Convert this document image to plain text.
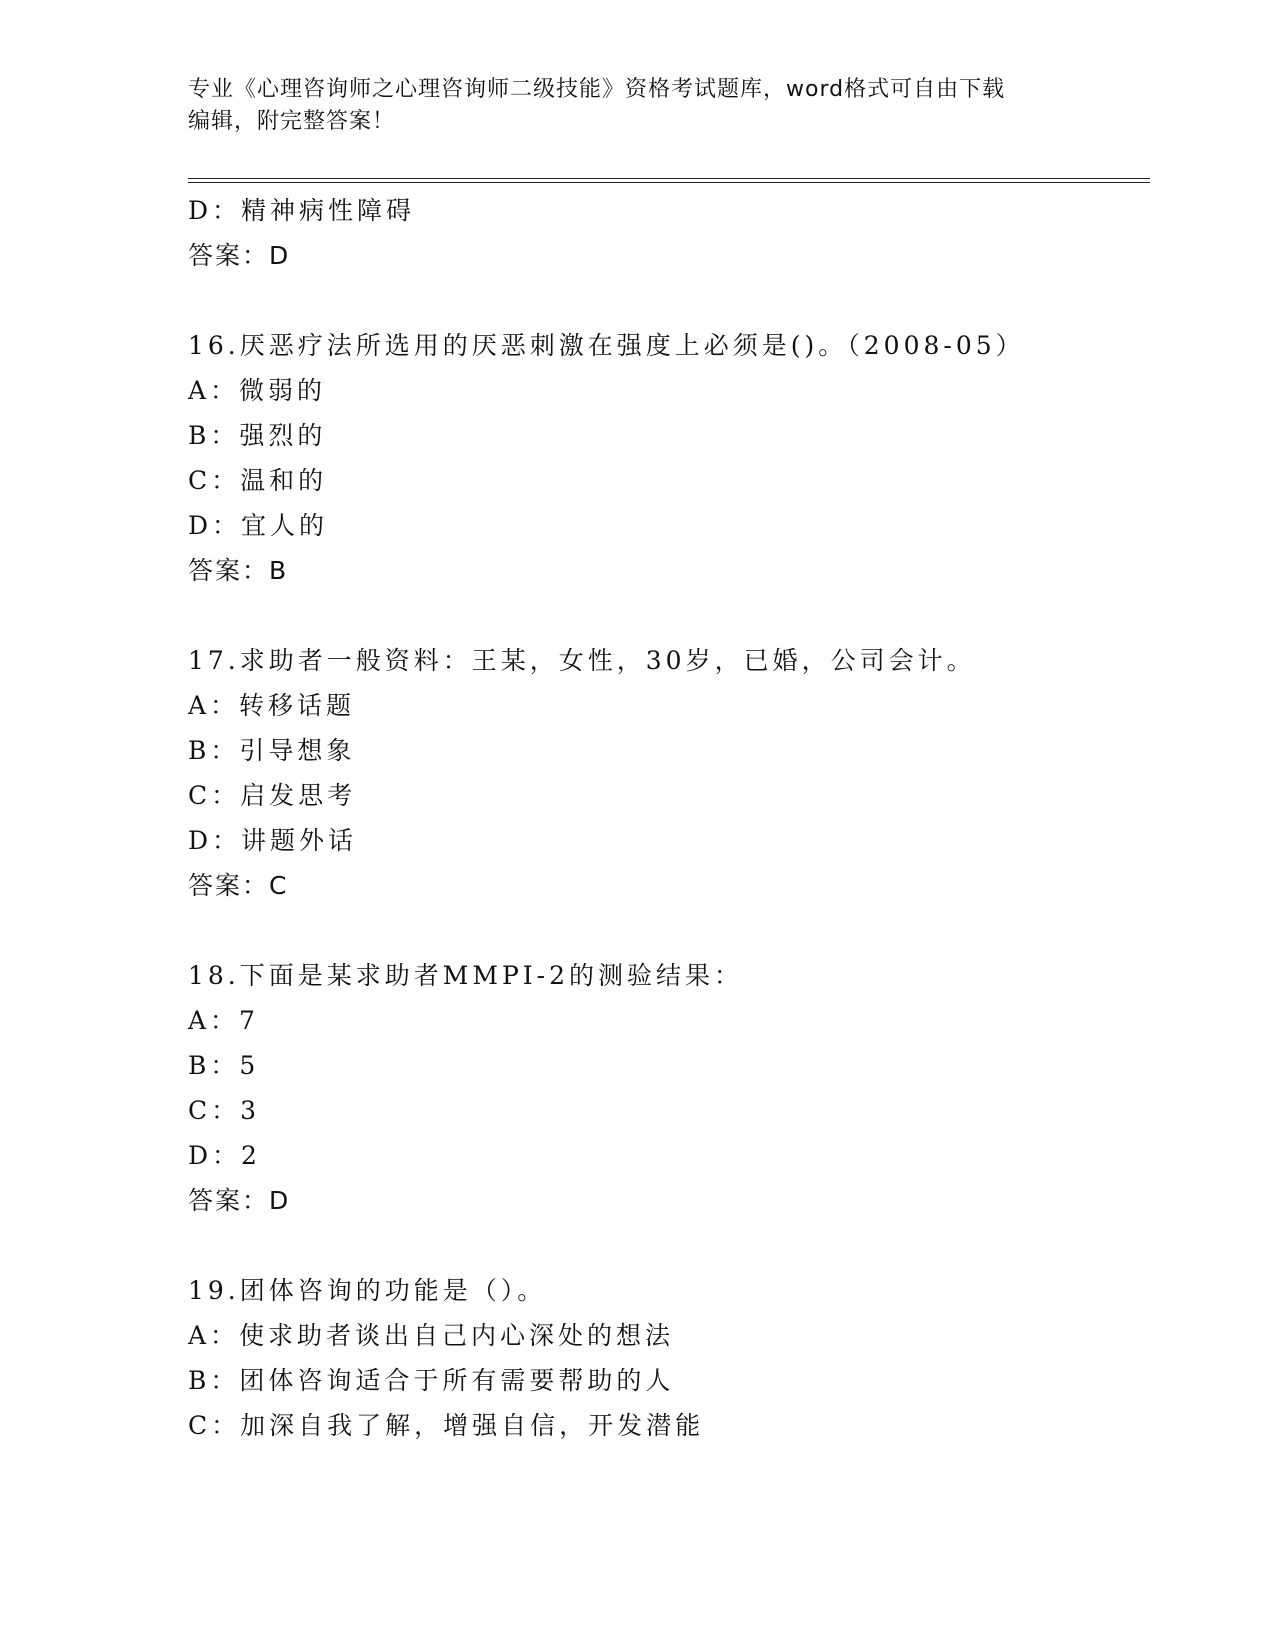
专业《心理咨询师之心理咨询师二级技能》资格考试题库，word格式可自由下载
编辑，附完整答案！
D：精神病性障碍
答案：D
16.厌恶疗法所选用的厌恶刺激在强度上必须是()。（2008-05）
A：微弱的
B：强烈的
C：温和的
D：宜人的
答案：B
17.求助者一般资料：王某，女性，30岁，已婚，公司会计。
A：转移话题
B：引导想象
C：启发思考
D：讲题外话
答案：C
18.下面是某求助者MMPI-2的测验结果：
A：7
B：5
C：3
D：2
答案：D
19.团体咨询的功能是（）。
A：使求助者谈出自己内心深处的想法
B：团体咨询适合于所有需要帮助的人
C：加深自我了解，增强自信，开发潜能
